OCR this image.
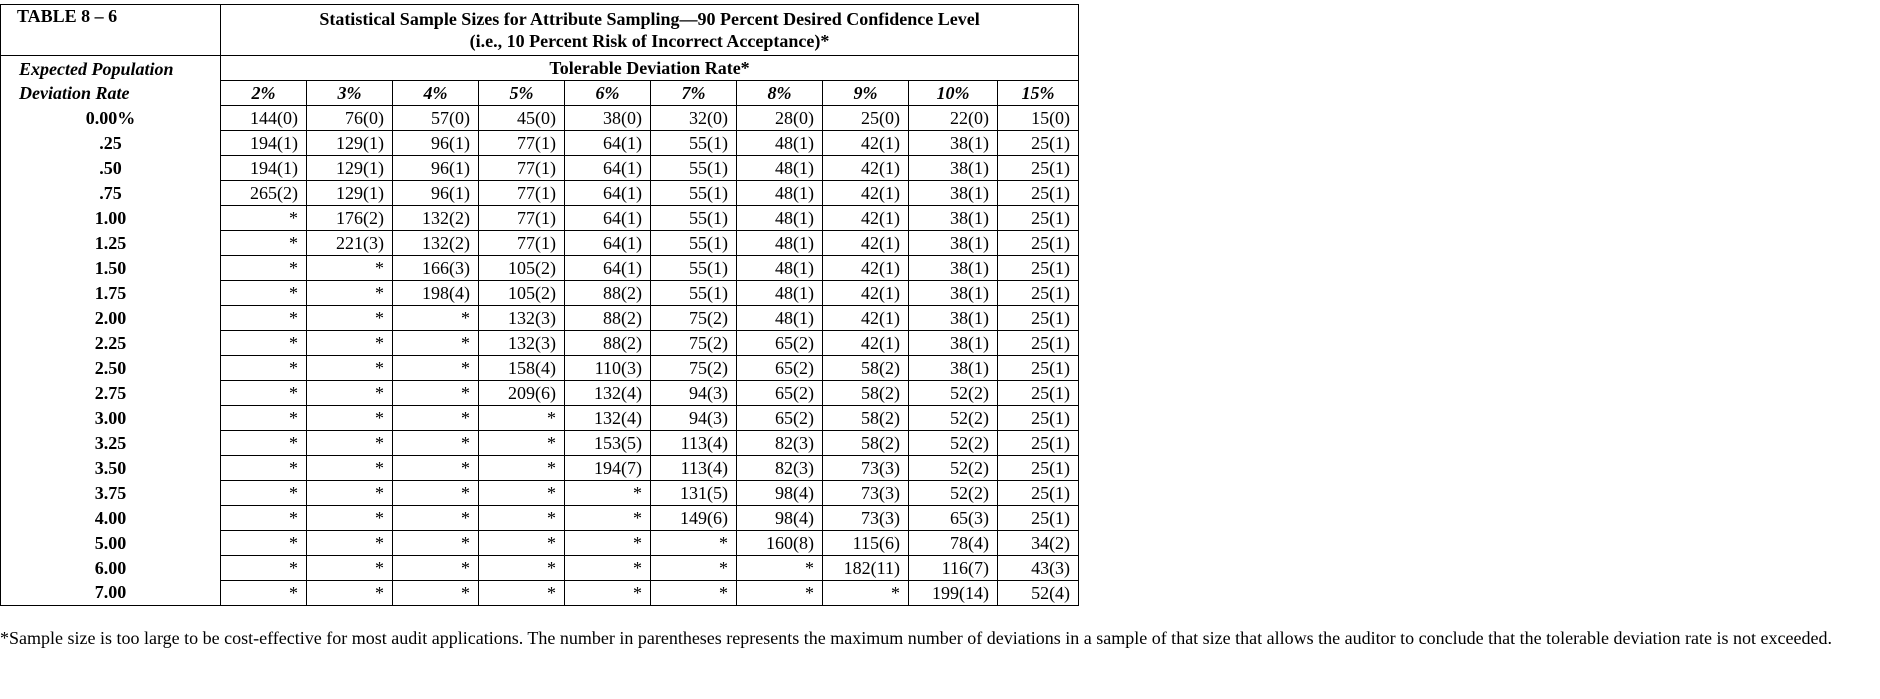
TABLE 8 – 6	Statistical Sample Sizes for Attribute Sampling—90 Percent Desired Confidence Level
(i.e., 10 Percent Risk of Incorrect Acceptance)*									

Expected Population
Deviation Rate	Tolerable Deviation Rate*									
	2%	3%	4%	5%	6%	7%	8%	9%	10%	15%
0.00%	144(0)	76(0)	57(0)	45(0)	38(0)	32(0)	28(0)	25(0)	22(0)	15(0)
.25	194(1)	129(1)	96(1)	77(1)	64(1)	55(1)	48(1)	42(1)	38(1)	25(1)
.50	194(1)	129(1)	96(1)	77(1)	64(1)	55(1)	48(1)	42(1)	38(1)	25(1)
.75	265(2)	129(1)	96(1)	77(1)	64(1)	55(1)	48(1)	42(1)	38(1)	25(1)
1.00	*	176(2)	132(2)	77(1)	64(1)	55(1)	48(1)	42(1)	38(1)	25(1)
1.25	*	221(3)	132(2)	77(1)	64(1)	55(1)	48(1)	42(1)	38(1)	25(1)
1.50	*	*	166(3)	105(2)	64(1)	55(1)	48(1)	42(1)	38(1)	25(1)
1.75	*	*	198(4)	105(2)	88(2)	55(1)	48(1)	42(1)	38(1)	25(1)
2.00	*	*	*	132(3)	88(2)	75(2)	48(1)	42(1)	38(1)	25(1)
2.25	*	*	*	132(3)	88(2)	75(2)	65(2)	42(1)	38(1)	25(1)
2.50	*	*	*	158(4)	110(3)	75(2)	65(2)	58(2)	38(1)	25(1)
2.75	*	*	*	209(6)	132(4)	94(3)	65(2)	58(2)	52(2)	25(1)
3.00	*	*	*	*	132(4)	94(3)	65(2)	58(2)	52(2)	25(1)
3.25	*	*	*	*	153(5)	113(4)	82(3)	58(2)	52(2)	25(1)
3.50	*	*	*	*	194(7)	113(4)	82(3)	73(3)	52(2)	25(1)
3.75	*	*	*	*	*	131(5)	98(4)	73(3)	52(2)	25(1)
4.00	*	*	*	*	*	149(6)	98(4)	73(3)	65(3)	25(1)
5.00	*	*	*	*	*	*	160(8)	115(6)	78(4)	34(2)
6.00	*	*	*	*	*	*	*	182(11)	116(7)	43(3)
7.00	*	*	*	*	*	*	*	*	199(14)	52(4)
*Sample size is too large to be cost-effective for most audit applications. The number in parentheses represents the maximum number of deviations in a sample of that size that allows the auditor to conclude that the tolerable deviation rate is not exceeded.
